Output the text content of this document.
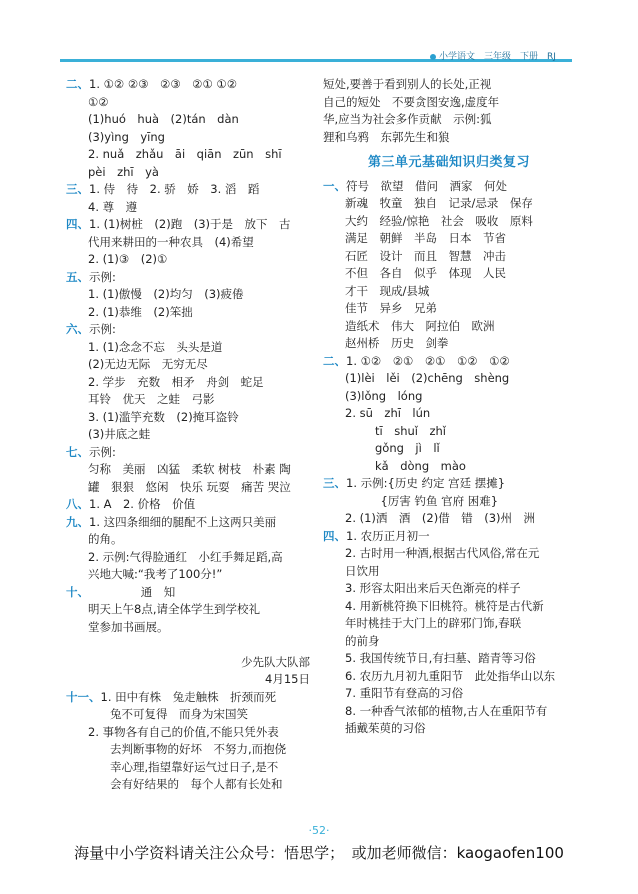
小学语文　三年级　下册　RJ
二、1. ①② ②③　②③　②① ①②
①②
(1)huó　huà　(2)tán　dàn
(3)yìng　yīng
2. nuǎ　zhǎu　āi　qiān　zūn　shī
pèi　zhī　yà
三、1. 侍　待　2. 骄　娇　3. 滔　蹈
4. 尊　遵
四、1. (1)树桩　(2)跑　(3)于是　放下　古
代用来耕田的一种农具　(4)希望
2. (1)③　(2)①
五、示例:
1. (1)傲慢　(2)均匀　(3)疲倦
2. (1)恭维　(2)笨拙
六、示例:
1. (1)念念不忘　头头是道
(2)无边无际　无穷无尽
2. 学步　充数　相矛　舟剑　蛇足
耳铃　优天　之蛙　弓影
3. (1)滥竽充数　(2)掩耳盗铃
(3)井底之蛙
七、示例:
匀称　美丽　凶猛　柔软 树枝　朴素 陶
罐　狠狠　悠闲　快乐 玩耍　痛苦 哭泣
八、1. A　2. 价格　价值
九、1. 这四条细细的腿配不上这两只美丽
的角。
2. 示例:气得脸通红　小红手舞足蹈,高
兴地大喊:“我考了100分!”
十、　　　　　通　知
明天上午8点,请全体学生到学校礼
堂参加书画展。

少先队大队部
4月15日
十一、1. 田中有株　兔走触株　折颈而死
兔不可复得　而身为宋国笑
2. 事物各有自己的价值,不能只凭外表
去判断事物的好坏　不努力,而抱侥
幸心理,指望靠好运气过日子,是不
会有好结果的　每个人都有长处和
短处,要善于看到别人的长处,正视
自己的短处　不要贪图安逸,虚度年
华,应当为社会多作贡献　示例:狐
狸和乌鸦　东郭先生和狼
第三单元基础知识归类复习
一、符号　欲望　借问　酒家　何处
新魂　牧童　独自　记录/忌录　保存
大约　经验/惊艳　社会　吸收　原料
满足　朝鲜　半岛　日本　节省
石匠　设计　而且　智慧　冲击
不但　各自　似乎　体现　人民
才干　现成/县城
佳节　异乡　兄弟
造纸术　伟大　阿拉伯　欧洲
赵州桥　历史　剑拳
二、1. ①②　②①　②①　①②　①②
(1)lèi　lěi　(2)chēng　shèng
(3)lǒng　lóng
2. sū　zhī　lún
tī　shuǐ　zhǐ
gǒng　jì　lǐ
kǎ　dòng　mào
三、1. 示例:{历史 约定 宫廷 摆摊}
　　　　　{厉害 钓鱼 官府 困难}
2. (1)洒　酒　(2)借　错　(3)州　洲
四、1. 农历正月初一
2. 古时用一种酒,根据古代风俗,常在元
日饮用
3. 形容太阳出来后天色渐亮的样子
4. 用新桃符换下旧桃符。桃符是古代新
年时桃挂于大门上的辟邪门饰,春联
的前身
5. 我国传统节日,有扫墓、踏青等习俗
6. 农历九月初九重阳节　此处指华山以东
7. 重阳节有登高的习俗
8. 一种香气浓郁的植物,古人在重阳节有
插戴茱萸的习俗
·52·
海量中小学资料请关注公众号：悟思学；　或加老师微信：kaogaofen100
